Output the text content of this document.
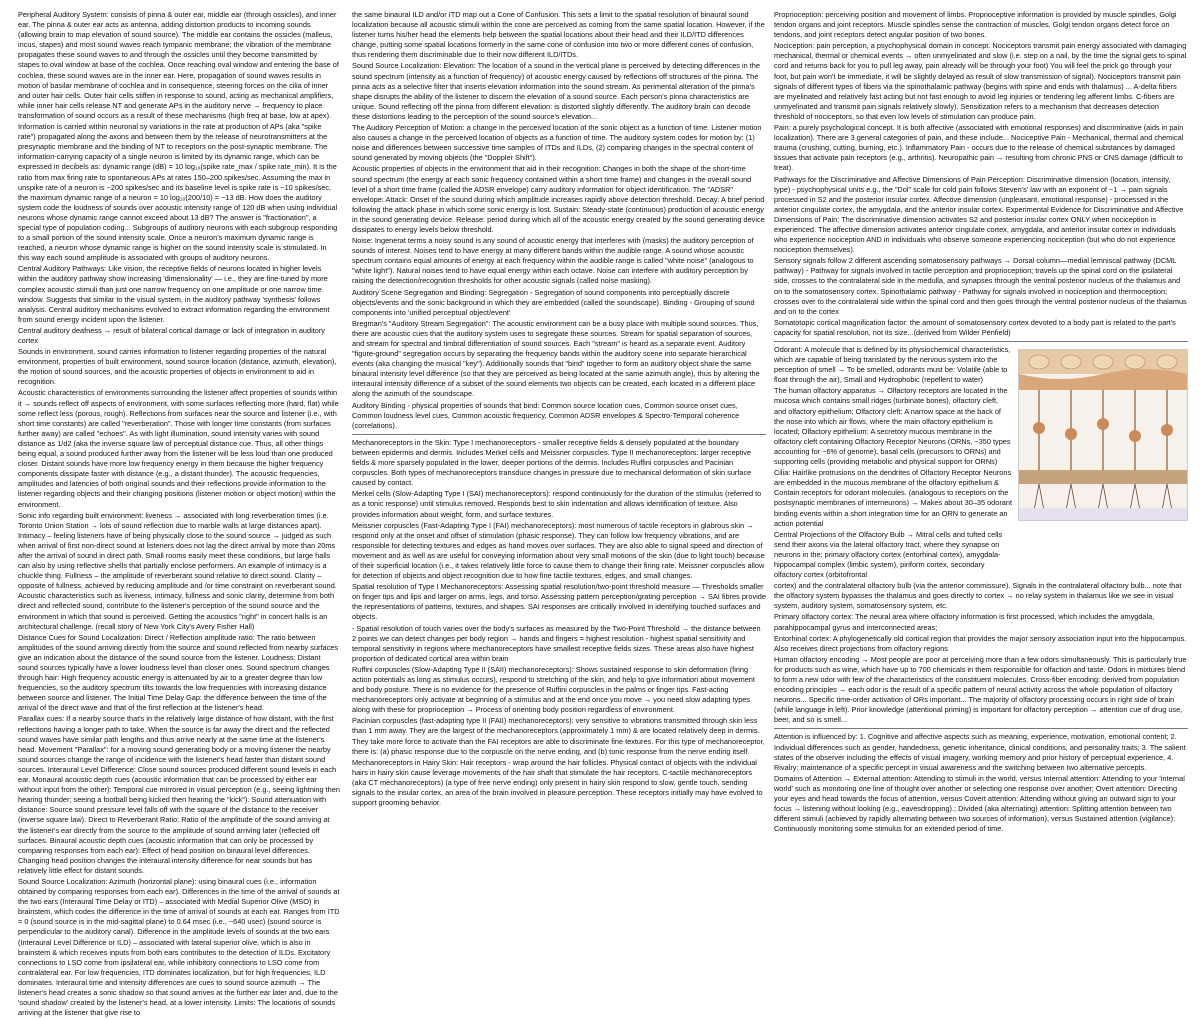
Peripheral Auditory System: consists of pinna & outer ear, middle ear (through ossicles), and inner ear. The pinna & outer ear acts as antenna, adding distortion products to incoming sounds (allowing brain to map elevation of sound source). The middle ear contains the ossicles (malleus, incus, stapes) and most sound waves reach tympanic membrane; the vibration of the membrane propagates these sound waves to and through the ossicles until they become transmitted by stapes to oval window at base of the cochlea. Once reaching oval window and entering the base of cochlea, these sound waves are in the inner ear. Here, propagation of sound waves results in motion of basilar membrane of cochlea and in consequence, steering forces on the cilia of inner and outer hair cells. Outer hair cells stiffen in response to sound, acting as mechanical amplifiers, while inner hair cells release NT and generate APs in the auditory nerve → frequency to place transformation of sound occurs as a result of these mechanisms (high freq at base, low at apex).

Information is carried within neuronal sy variations in the rate at production of APs (aka "spike rate") propagated along the axons and between them by the release of neurotransmitters at the presynaptic membrane and the binding of NT to receptors on the post-synaptic membrane. The information-carrying capacity of a single neuron is limited by its dynamic range, which can be expressed in decibels as: dynamic range (dB) = 10 log₁₀(spike rate_max / spike rate_min). It is the ratio from max firing rate to spontaneous APs at rates 150–200 spikes/sec. Assuming the max in unspike rate of a neuron is ~200 spikes/sec and its baseline level is spike rate is ~10 spikes/sec, the maximum dynamic range of a neuron = 10 log₁₀(200/10) = ~13 dB. How does the auditory system code the loudness of sounds over acoustic intensity range of 120 dB when using individual neurons whose dynamic range cannot exceed about 13 dB? The answer is "fractionation", a special type of population coding... Subgroups of auditory neurons with each subgroup responding to a small portion of the sound intensity scale. Once a neuron's maximum dynamic range is reached, a neuron whose dynamic range is higher on the sound intensity scale is stimulated. In this way each sound amplitude is associated with groups of auditory neurons.

Central Auditory Pathways: Like vision, the receptive fields of neurons located in higher levels within the auditory pathway show increasing 'dimensionality' — i.e., they are fine-tuned by more complex acoustic stimuli than just one narrow frequency on one amplitude or one narrow time window. Suggests that similar to the visual system, in the auditory pathway 'synthesis' follows analysis. Central auditory mechanisms evolved to extract information regarding the environment from sound energy incident upon the listener.

Central auditory deafness → result of bilateral cortical damage or lack of integration in auditory cortex

Sounds in environment, sound carries information to listener regarding properties of the natural environment, properties of built environment, sound source location (distance, azimuth, elevation), the motion of sound sources, and the acoustic properties of objects in environment to aid in recognition.

Acoustic characteristics of environments surrounding the listener affect properties of sounds within it → sounds reflect off aspects of environment, with some surfaces reflecting more (hard, flat) while some reflect less (porous, rough). Reflections from surfaces near the source and listener (i.e., with short time constants) are called "reverberation". Those with longer time constants (from surfaces further away) are called "echoes". As with light illumination, sound intensity varies with sound distance as 1/d2 (aka the inverse square law of perceptual distance cue. Thus, all other things being equal, a sound produced further away from the listener will be less loud than one produced closer. Distant sounds have more low frequency energy in them because the higher frequency components dissipate faster with distance (e.g., a distant thunder). The acoustic frequencies, amplitudes and latencies of both original sounds and their reflections provide information to the listener regarding objects and their changing positions (listener motion or object motion) within the environment.

Sonic info regarding built environment: liveness → associated with long reverberation times (i.e. Toronto Union Station → lots of sound reflection due to marble walls at large distances apart). Intimacy – feeling listeners have of being physically close to the sound source → judged as such when arrival of first non-direct sound at listeners does not lag the direct arrival by more than 20ms after the arrival of sound in direct path. Small rooms easily meet these conditions, but large halls can also by using reflective shells that partially enclose performers. An example of intimacy is a chuckle thing. Fullness – the amplitude of reverberant sound relative to direct sound. Clarity – opposite of fullness, achieved by reducing amplitude and /or time constraint on reverberant sound. Acoustic characteristics such as liveness, intimacy, fullness and sonic clarity, determine from both direct and reflected sound, contribute to the listener's perception of the sound source and the environment in which that sound is perceived. Getting the acoustics "right" in concert halls is an architectural challenge. (recall story of New York City's Avery Fisher Hall)

Distance Cues for Sound Localization: Direct / Reflection amplitude ratio: The ratio between amplitudes of the sound arriving directly from the source and sound reflected from nearby surfaces give an indication about the distance of the sound source from the listener. Loudness: Distant sound sources typically have a lower loudness level than closer ones. Sound spectrum changes through hair: High frequency acoustic energy is attenuated by air to a greater degree than low frequencies, so the auditory spectrum tilts towards the low frequencies with increasing distance between source and listener. The Initial Time Delay Gap: the difference between the time of the arrival of the direct wave and that of the first reflection at the listener's head.

Parallax cues: If a nearby source that's in the relatively large distance of how distant, with the first reflections having a longer path to take. When the source is far away the direct and the reflected sound waves have similar path lengths and thus arrive nearly at the same time at the listener's head. Movement "Parallax": for a moving sound generating body or a moving listener the nearby sound sources change the range of incidence with the listener's head faster than distant sound sources. Interaural Level Difference: Close sound sources produced different sound levels in each ear. Monaural acoustic depth cues (acoustic information that can be processed by either ear without input from the other): Temporal cue mirrored in visual perception (e.g., seeing lightning then hearing thunder; seeing a football being kicked then hearing the "kick"). Sound attenuation with distance: Source sound pressure level falls off with the square of the distance to the receiver (inverse square law). Direct to Reverberant Ratio: Ratio of the amplitude of the sound arriving at the listener's ear directly from the source to the amplitude of sound arriving later (reflected off surfaces. Binaural acoustic depth cues (acoustic information that can only be processed by comparing responses from each ear): Effect of head position on binaural level differences. Changing head position changes the interaural intensity difference for near sounds but has relatively little effect for distant sounds.

Sound Source Localization: Azimuth (horizontal plane): using binaural cues (i.e., information obtained by comparing responses from each ear). Differences in the time of the arrival of sounds at the two ears (Interaural Time Delay or ITD) – associated with Medial Superior Olive (MSO) in brainstem, which codes the difference in the time of arrival of sounds at each ear. Ranges from ITD = 0 (sound source is in the mid-sagittal plane) to 0.64 msec (i.e., ~640 usec) (sound source is perpendicular to the auditory canal). Difference in the amplitude levels of sounds at the two ears (Interaural Level Difference or ILD) – associated with lateral superior olive, which is also in brainstem & which receives inputs from both ears contributes to the detection of ILDs. Excitatory connections to LSO come from ipsilateral ear, while inhibitory connections to LSO come from contralateral ear. For low frequencies, ITD dominates localization, but for high frequencies, ILD dominates. Interaural time and intensity differences are cues to sound source azimuth → The listener's head creates a sonic shadow so that sound arrives at the further ear later and, due to the 'sound shadow' created by the listener's head, at a lower intensity. Limits: The locations of sounds arriving at the listener that give rise to

the same binaural ILD and/or ITD map out a Cone of Confusion. This sets a limit to the spatial resolution of binaural sound localization because all acoustic stimuli within the cone are perceived as coming from the same spatial location. However, if the listener turns his/her head the elements help between the spatial locations about their head and their ILD/ITD differences change, putting some spatial locations formerly in the same cone of confusion into two or more different cones of confusion, thus rendering them discriminable due to their now different ILD/ITDs.

Sound Source Localization: Elevation: The location of a sound in the vertical plane is perceived by detecting differences in the sound spectrum (intensity as a function of frequency) of acoustic energy caused by reflections off structures of the pinna. The pinna acts as a selective filter that inserts elevation information into the sound stream. As perimental alteration of the pinna's shape disrupts the ability of the listener to discern the elevation of a sound source. Each person's pinna characteristics are unique. Sound reflecting off the pinna from different elevation: is distorted slightly differently. The auditory brain can decode these distortions leading to the perception of the sound source's elevation...

The Auditory Perception of Motion: a change in the perceived location of the sonic object as a function of time. Listener motion also causes a change in the perceived location of objects as a function of time. The auditory system codes for motion by: (1) noise and differences between successive time samples of ITDs and ILDs, (2) comparing changes in the spectral content of sound generated by moving objects (the "Doppler Shift").

Acoustic properties of objects in the environment that aid in their recognition: Changes in both the shape of the short-time sound spectrum (the energy at each sonic frequency contained within a short time frame) and changes in the overall sound level of a short time frame (called the ADSR envelope) carry auditory information for object identification. The "ADSR" envelope: Attack: Onset of the sound during which amplitude increases rapidly above detection threshold. Decay: A brief period following the attack phase in which some sonic energy is lost. Sustain: Steady-state (continuous) production of acoustic energy in the sound generating device. Release: period during which all of the acoustic energy created by the sound generating device dissipates to energy levels below threshold.

Noise: Ingenerat terms a noisy sound is any sound of acoustic energy that interferes with (masks) the auditory perception of sounds of interest. Noises tend to have energy at many different bands within the audible range. A sound whose acoustic spectrum contains equal amounts of energy at each frequency within the audible range is called "white noise" (analogous to "white light"). Natural noises tend to have equal energy within each octave. Noise can interfere with auditory perception by raising the detection/recognition thresholds for other acoustic signals (called noise masking).

Auditory Scene Segregation and Binding: Segregation - Segregation of sound components into perceptually discrete objects/events and the sonic background in which they are embedded (called the soundscape). Binding - Grouping of sound components into 'unified perceptual object/event'

Bregman's "Auditory Stream Segregation": The acoustic environment can be a busy place with multiple sound sources. Thus, there are acoustic cues that the auditory system uses to segregate these sources. Stream for spatial separation of sources, and stream for spectral and timbral differentiation of sound sources. Each "stream" is heard as a separate event. Auditory "figure-ground" segregation occurs by separating the frequency bands within the auditory scene into separate hierarchical events (aka changing the musical "key"). Additionally sounds that "bind" together to form an auditory object share the same binaural intensity level difference (so that they are perceived as being located at the same azimuth angle), thus by altering the interaural intensity difference of a subset of the sound elements two objects can be created, each located in a different place along the azimuth of the soundscape.

Auditory Binding - physical properties of sounds that bind: Common source location cues, Common source onset cues, Common loudness level cues, Common acoustic frequency, Common ADSR envelopes & Spectro-Temporal coherence (correlations).

Mechanoreceptors in the Skin: Type I mechanoreceptors - smaller receptive fields & densely populated at the boundary between epidermis and dermis. Includes Merkel cells and Meissner corpuscles. Type II mechanoreceptors: larger receptive fields & more sparsely populated in the lower, deeper portions of the dermis. Includes Ruffini corpuscles and Pacinian corpuscles. Both types of mechanoreceptors transduce changes in pressure due to mechanical deformation of skin surface caused by contact.

Merkel cells (Slow-Adapting Type I (SAI) mechanoreceptors): respond continuously for the duration of the stimulus (referred to as a tonic response) until stimulus removed. Responds best to skin indentation and allows identification of texture. Also provides information about weight, form, and surface textures.

Meissner corpuscles (Fast-Adapting Type I (FAI) mechanoreceptors): most numerous of tactile receptors in glabrous skin → respond only at the onset and offset of stimulation (phasic response). They can follow low frequency vibrations, and are responsible for detecting textures and edges as hand moves over surfaces. They are also able to signal speed and direction of movement and as well as are useful for conveying information about very small motions of the skin (due to light touch) because of their superficial location (i.e., it takes relatively little force to cause them to change their firing rate. Meissner corpuscles allow for detection of objects and object recognition due to how fine tactile textures, edges, and small changes.

Spatial resolution of Type I Mechanoreceptors: Assessing spatial resolution/two-point threshold measure — Thresholds smaller on finger tips and lips and larger on arms, legs, and torso. Assessing pattern perception/grating perception → SAI fibres provide the representations of patterns, textures, and shapes. SAI responses are critically involved in identifying touched surfaces and objects.

- Spatial resolution of touch varies over the body's surfaces as measured by the Two-Point Threshold → the distance between 2 points we can detect changes per body region → hands and fingers = highest resolution - highest spatial sensitivity and temporal sensitivity in regions where mechanoreceptors have smallest receptive fields sizes. These areas also have highest proportion of dedicated cortical area within brain

Ruffini corpuscles (Slow-Adapting Type II (SAII) mechanoreceptors): Shows sustained response to skin deformation (firing action potentials as long as stimulus occurs), respond to stretching of the skin, and help to give information about movement and body posture. There is no evidence for the presence of Ruffini corpuscles in the palms or finger tips. Fast-acting mechanoreceptors only activate at beginning of a stimulus and at the end once you move → you need slow adapting types along with these for proprioception → Process of orienting body position regardless of environment.

Pacinian corpuscles (fast-adapting type II (FAII) mechanoreceptors): very sensitive to vibrations transmitted through skin less than 1 mm away. They are the largest of the mechanoreceptors (approximately 1 mm) & are located relatively deep in dermis. They take more force to activate than the FAI receptors are able to discriminate fine textures. For this type of mechanoreceptor, there is: (a) phasic response due to the corpuscle on the nerve ending, and (b) tonic response from the nerve ending itself.

Mechanoreceptors in Hairy Skin: Hair receptors - wrap around the hair follicles. Physical contact of objects with the individual hairs in hairy skin cause leverage movements of the hair shaft that stimulate the hair receptors. C-tactile mechanoreceptors (aka CT mechanoreceptors) (a type of free nerve ending) only present in hairy skin respond to slow, gentle touch, sending signals to the insular cortex, an area of the brain involved in pleasure perception. These receptors initially may have evolved to support grooming behavior.

Proprioception: perceiving position and movement of limbs. Proprioceptive information is provided by muscle spindles, Golgi tendon organs and joint receptors. Muscle spindles sense the contraction of muscles, Golgi tendon organs detect force on tendons, and joint receptors detect angular position of two bones.

Nociception: pain perception, a psychophysical domain in concept. Nociceptors transmit pain energy associated with damaging mechanical, thermal or chemical events → often unmyelinated and slow (i.e. step on a nail, by the time the signal gets to spinal cord and returns back for you to pull leg away, pain already will be through your foot) You will feel the prick go through your foot, but pain won't be immediate, it will be slightly delayed as result of slow transmission of signal). Nociceptors transmit pain signals of different types of fibers via the spinothalamic pathway (begins with spine and ends with thalamus) ... A-delta fibers are myelinated and relatively fast acting but not fast enough to avoid leg injuries or tendering leg afferent limbs. C-fibers are unmyelinated and transmit pain signals relatively slowly). Sensitization refers to a mechanism that decreases detection threshold of nociceptors, so that even low levels of stimulation can produce pain.

Pain: a purely psychological concept. It is both affective (associated with emotional responses) and discriminative (aids in pain localization). There are 3 general categories of pain, and these include... Nociceptive Pain - Mechanical, thermal and chemical trauma (crushing, cutting, burning, etc.). Inflammatory Pain - occurs due to the release of chemical substances by damaged tissues that activate pain receptors (e.g., arthritis). Neuropathic pain → resulting from chronic PNS or CNS damage (difficult to treat).

Pathways for the Discriminative and Affective Dimensions of Pain Perception: Discriminative dimension (location, intensity, type) - psychophysical units e.g., the "Dol" scale for cold pain follows Steven's' law with an exponent of ~1 → pain signals processed in S2 and the posterior insular cortex. Affective dimension (unpleasant, emotional response) - processed in the anterior cingulate cortex, the amygdala, and the anterior insular cortex. Experimental Evidence for Discriminative and Affective Dimensions of Pain: The discriminative dimension activates S2 and posterior insular cortex ONLY when nociception is experienced. The affective dimension activates anterior cingulate cortex, amygdala, and anterior insular cortex in individuals who experience nociception AND in individuals who observe someone experiencing nociception (but who do not experience nociception themselves).

Sensory signals follow 2 different ascending somatosensory pathways → Dorsal column—medial lemniscal pathway (DCML pathway) - Pathway for signals involved in tactile perception and proprioception; travels up the spinal cord on the ipsilateral side, crosses to the contralateral side in the medulla, and synapses through the ventral posterior nucleus of the thalamus and on to the somatosensory cortex. Spinothalamic pathway - Pathway for signals involved in nociception and thermoception; crosses over to the contralateral side within the spinal cord and then goes through the ventral posterior nucleus of the thalamus and on to the cortex

Somatotopic cortical magnification factor: the amount of somatosensory cortex devoted to a body part is related to the part's capacity for spatial resolution, not its size...(derived from Wilder Penfield)

Odorant: A molecule that is defined by its physiochemical characteristics, which are capable of being translated by the nervous system into the perception of smell → To be smelled, odorants must be: Volatile (able to float through the air), Small and Hydrophobic (repellent to water)

The human olfactory apparatus → Olfactory receptors are located in the mucosa which contains small ridges (turbinate bones), olfactory cleft, and olfactory epithelium; Olfactory cleft: A narrow space at the back of the nose into which air flows, where the main olfactory epithelium is located; Olfactory epithelium: A secretory mucous membrane in the olfactory cleft containing Olfactory Receptor Neurons (ORNs, ~350 types accounting for ~6% of genome), basal cells (precursors to ORNs) and supporting cells (providing metabolic and physical support for ORNs)

Cilia: Hairlike protrusions on the dendrites of Olfactory Receptor Neurons are embedded in the mucous membrane of the olfactory epithelium & Contain receptors for odorant molecules. (analogous to receptors on the postsynaptic membranes of interneurons) → Makes about 30–35 odorant binding events within a short integration time for an ORN to generate an action potential

Central Projections of the Olfactory Bulb → Mitral cells and tufted cells send their axons via the lateral olfactory tract, where they synapse on neurons in the: primary olfactory cortex (entorhinal cortex), amygdala-hippocampal complex (limbic system), piriform cortex, secondary olfactory cortex (orbitofrontal

cortex) and the contralateral olfactory bulb (via the anterior commissure). Signals in the contralateral olfactory bulb... note that the olfactory system bypasses the thalamus and goes directly to cortex → no relay system in thalamus like we see in visual system, auditory system, somatosensory system, etc.

Primary olfactory cortex: The neural area where olfactory information is first processed, which includes the amygdala, parahippocampal gyrus and interconnected areas;

Entorhinal cortex: A phylogenetically old cortical region that provides the major sensory association input into the hippocampus. Also receives direct projections from olfactory regions

Human olfactory encoding → Most people are poor at perceiving more than a few odors simultaneously. This is particularly true for products such as wine, which have up to 700 chemicals in them responsible for olfaction and taste. Odors in mixtures blend to form a new odor with few of the characteristics of the constituent molecules. Cross-fiber encoding: derived from population encoding principles → each odor is the result of a specific pattern of neural activity across the whole population of olfactory neurons... Specific time-order activation of ORs important... The majority of olfactory processing occurs in right side of brain (while language in left). Prior knowledge (attentional priming) is important for olfactory perception → attention cue of drug use, beer, and so is smell...

Attention is influenced by: 1. Cognitive and affective aspects such as meaning, experience, motivation, emotional content; 2. Individual differences such as gender, handedness, genetic inheritance, clinical conditions, and personality traits; 3. The salient states of the observer including the effects of visual imagery, working memory and prior history of perceptual experience, 4. Rivalry: maintenance of a specific percept in visual awareness and the switching between two alternative percepts.

Domains of Attention → External attention: Attending to stimuli in the world, versus Internal attention: Attending to your 'internal world' such as monitoring one line of thought over another or selecting one response over another; Overt attention: Directing your eyes and head towards the focus of attention, versus Covert attention: Attending without giving an outward sign to your focus → listening without looking (e.g., eavesdropping).; Divided (aka alternating) attention: Splitting attention between two different stimuli (achieved by rapidly alternating between two sources of information), versus Sustained attention (vigilance): Continuously monitoring some stimulus for an extended period of time.
